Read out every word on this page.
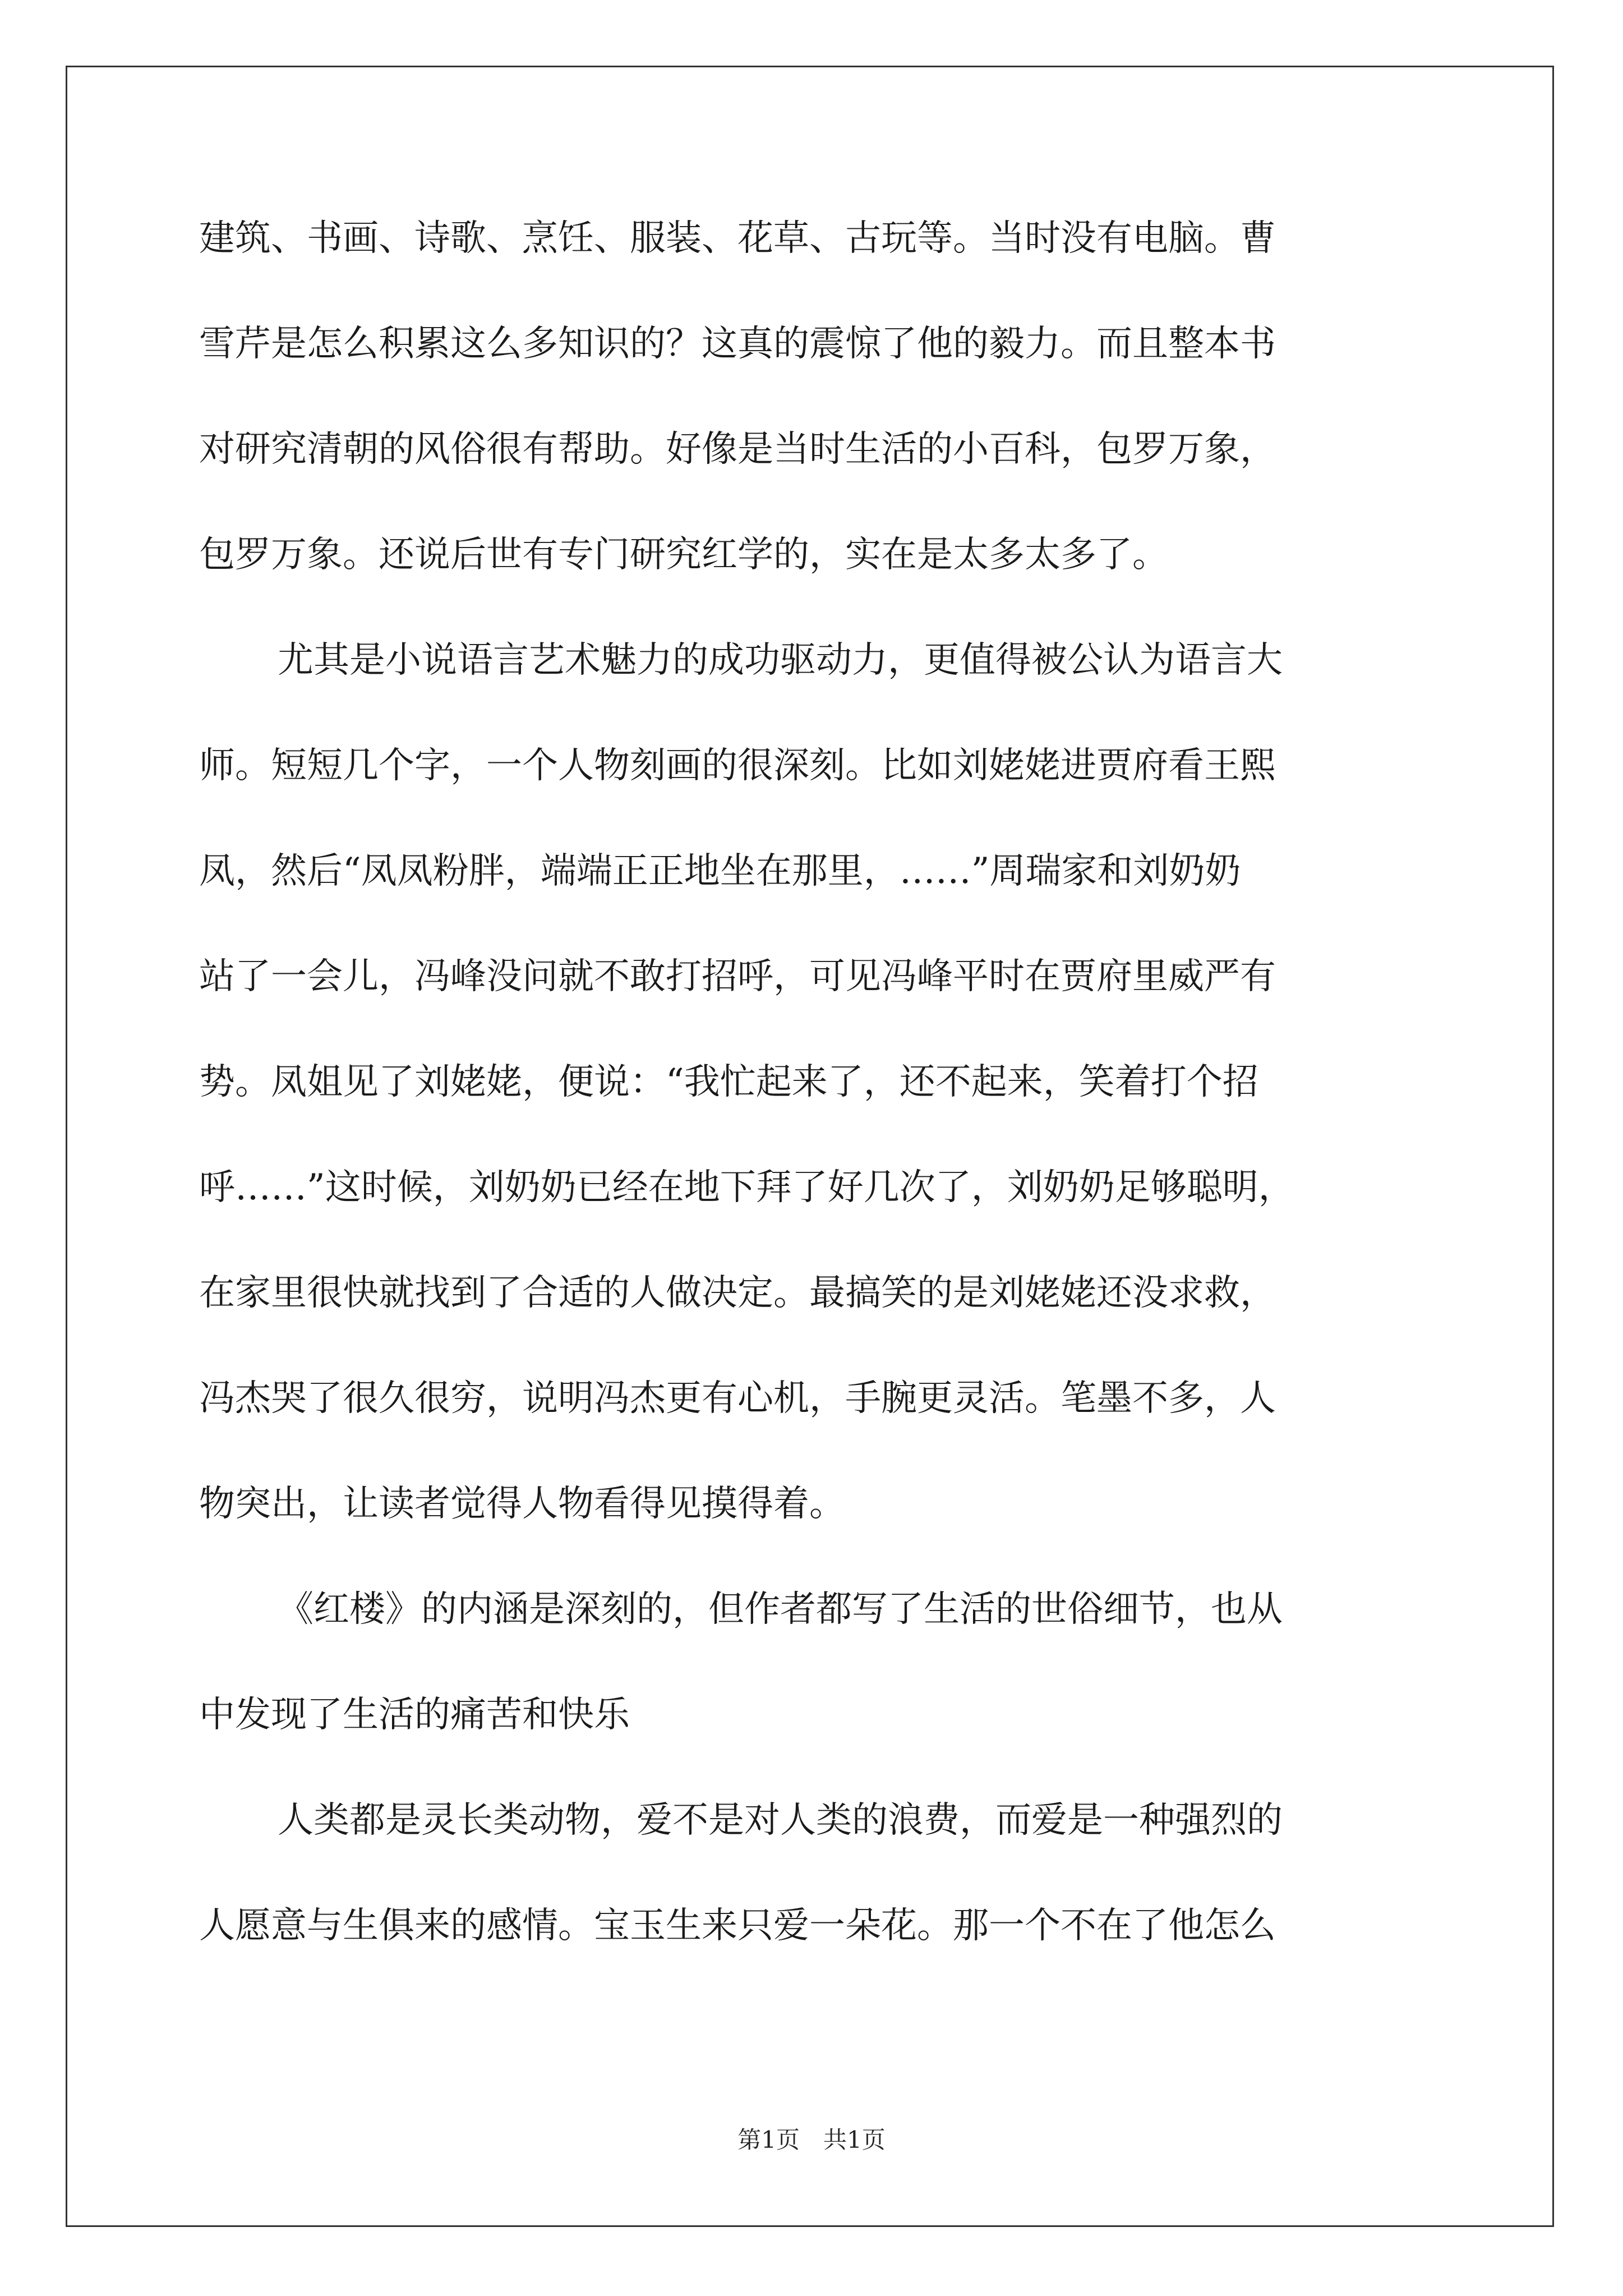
建筑、书画、诗歌、烹饪、服装、花草、古玩等。当时没有电脑。曹
雪芹是怎么积累这么多知识的？这真的震惊了他的毅力。而且整本书
对研究清朝的风俗很有帮助。好像是当时生活的小百科，包罗万象，
包罗万象。还说后世有专门研究红学的，实在是太多太多了。
尤其是小说语言艺术魅力的成功驱动力，更值得被公认为语言大
师。短短几个字，一个人物刻画的很深刻。比如刘姥姥进贾府看王熙
凤，然后“凤凤粉胖，端端正正地坐在那里，……”周瑞家和刘奶奶
站了一会儿，冯峰没问就不敢打招呼，可见冯峰平时在贾府里威严有
势。凤姐见了刘姥姥，便说：“我忙起来了，还不起来，笑着打个招
呼……”这时候，刘奶奶已经在地下拜了好几次了，刘奶奶足够聪明，
在家里很快就找到了合适的人做决定。最搞笑的是刘姥姥还没求救，
冯杰哭了很久很穷，说明冯杰更有心机，手腕更灵活。笔墨不多，人
物突出，让读者觉得人物看得见摸得着。
《红楼》的内涵是深刻的，但作者都写了生活的世俗细节，也从
中发现了生活的痛苦和快乐
人类都是灵长类动物，爱不是对人类的浪费，而爱是一种强烈的
人愿意与生俱来的感情。宝玉生来只爱一朵花。那一个不在了他怎么
第1页　共1页
